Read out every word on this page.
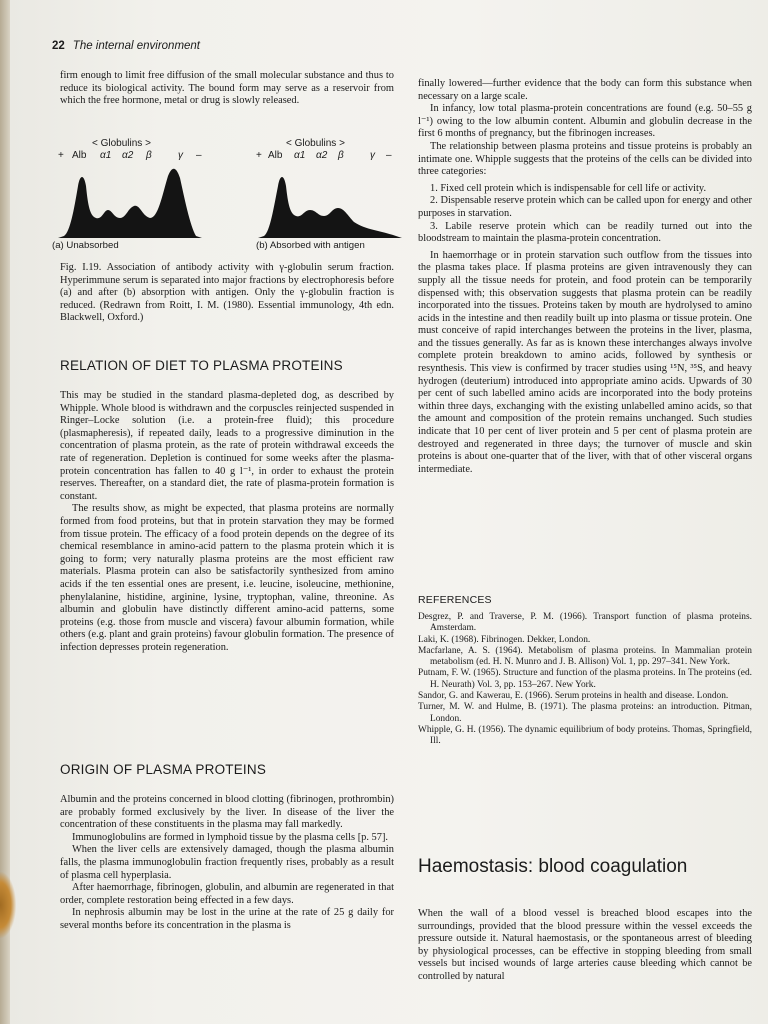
22 The internal environment

firm enough to limit free diffusion of the small molecular substance and thus to reduce its biological activity. The bound form may serve as a reservoir from which the free hormone, metal or drug is slowly released.

< Globulins >
+ Alb α1 α2 β	γ –
(a) Unabsorbed
< Globulins >
+ Alb α1 α2 β	γ –
(b) Absorbed with antigen

Fig. I.19. Association of antibody activity with γ-globulin serum fraction. Hyperimmune serum is separated into major fractions by electrophoresis before (a) and after (b) absorption with antigen. Only the γ-globulin fraction is reduced. (Redrawn from Roitt, I. M. (1980). Essential immunology, 4th edn. Blackwell, Oxford.)

RELATION OF DIET TO PLASMA PROTEINS

This may be studied in the standard plasma-depleted dog, as described by Whipple. Whole blood is withdrawn and the corpuscles reinjected suspended in Ringer–Locke solution (i.e. a protein-free fluid); this procedure (plasmapheresis), if repeated daily, leads to a progressive diminution in the concentration of plasma protein, as the rate of protein withdrawal exceeds the rate of regeneration. Depletion is continued for some weeks after the plasma-protein concentration has fallen to 40 g l⁻¹, in order to exhaust the protein reserves. Thereafter, on a standard diet, the rate of plasma-protein formation is constant.

The results show, as might be expected, that plasma proteins are normally formed from food proteins, but that in protein starvation they may be formed from tissue protein. The efficacy of a food protein depends on the degree of its chemical resemblance in amino-acid pattern to the plasma protein which it is going to form; very naturally plasma proteins are the most efficient raw materials. Plasma protein can also be satisfactorily synthesized from amino acids if the ten essential ones are present, i.e. leucine, isoleucine, methionine, phenylalanine, histidine, arginine, lysine, tryptophan, valine, threonine. As albumin and globulin have distinctly different amino-acid patterns, some proteins (e.g. those from muscle and viscera) favour albumin formation, while others (e.g. plant and grain proteins) favour globulin formation. The presence of infection depresses protein regeneration.

ORIGIN OF PLASMA PROTEINS

Albumin and the proteins concerned in blood clotting (fibrinogen, prothrombin) are probably formed exclusively by the liver. In disease of the liver the concentration of these constituents in the plasma may fall markedly.

Immunoglobulins are formed in lymphoid tissue by the plasma cells [p. 57].

When the liver cells are extensively damaged, though the plasma albumin falls, the plasma immunoglobulin fraction frequently rises, probably as a result of plasma cell hyperplasia.

After haemorrhage, fibrinogen, globulin, and albumin are regenerated in that order, complete restoration being effected in a few days.

In nephrosis albumin may be lost in the urine at the rate of 25 g daily for several months before its concentration in the plasma is

finally lowered—further evidence that the body can form this substance when necessary on a large scale.

In infancy, low total plasma-protein concentrations are found (e.g. 50–55 g l⁻¹) owing to the low albumin content. Albumin and globulin decrease in the first 6 months of pregnancy, but the fibrinogen increases.

The relationship between plasma proteins and tissue proteins is probably an intimate one. Whipple suggests that the proteins of the cells can be divided into three categories:

1. Fixed cell protein which is indispensable for cell life or activity.

2. Dispensable reserve protein which can be called upon for energy and other purposes in starvation.

3. Labile reserve protein which can be readily turned out into the bloodstream to maintain the plasma-protein concentration.

In haemorrhage or in protein starvation such outflow from the tissues into the plasma takes place. If plasma proteins are given intravenously they can supply all the tissue needs for protein, and food protein can be temporarily dispensed with; this observation suggests that plasma protein can be readily incorporated into the tissues. Proteins taken by mouth are hydrolysed to amino acids in the intestine and then readily built up into plasma or tissue protein. One must conceive of rapid interchanges between the proteins in the liver, plasma, and the tissues generally. As far as is known these interchanges always involve complete protein breakdown to amino acids, followed by synthesis or resynthesis. This view is confirmed by tracer studies using ¹⁵N, ³⁵S, and heavy hydrogen (deuterium) introduced into appropriate amino acids. Upwards of 30 per cent of such labelled amino acids are incorporated into the body proteins within three days, exchanging with the existing unlabelled amino acids, so that the amount and composition of the protein remains unchanged. Such studies indicate that 10 per cent of liver protein and 5 per cent of plasma protein are destroyed and regenerated in three days; the turnover of muscle and skin proteins is about one-quarter that of the liver, with that of other visceral organs intermediate.

REFERENCES

Desgrez, P. and Traverse, P. M. (1966). Transport function of plasma proteins. Amsterdam.

Laki, K. (1968). Fibrinogen. Dekker, London.

Macfarlane, A. S. (1964). Metabolism of plasma proteins. In Mammalian protein metabolism (ed. H. N. Munro and J. B. Allison) Vol. 1, pp. 297–341. New York.

Putnam, F. W. (1965). Structure and function of the plasma proteins. In The proteins (ed. H. Neurath) Vol. 3, pp. 153–267. New York.

Sandor, G. and Kawerau, E. (1966). Serum proteins in health and disease. London.

Turner, M. W. and Hulme, B. (1971). The plasma proteins: an introduction. Pitman, London.

Whipple, G. H. (1956). The dynamic equilibrium of body proteins. Thomas, Springfield, Ill.

Haemostasis: blood coagulation

When the wall of a blood vessel is breached blood escapes into the surroundings, provided that the blood pressure within the vessel exceeds the pressure outside it. Natural haemostasis, or the spontaneous arrest of bleeding by physiological processes, can be effective in stopping bleeding from small vessels but incised wounds of large arteries cause bleeding which cannot be controlled by natural
